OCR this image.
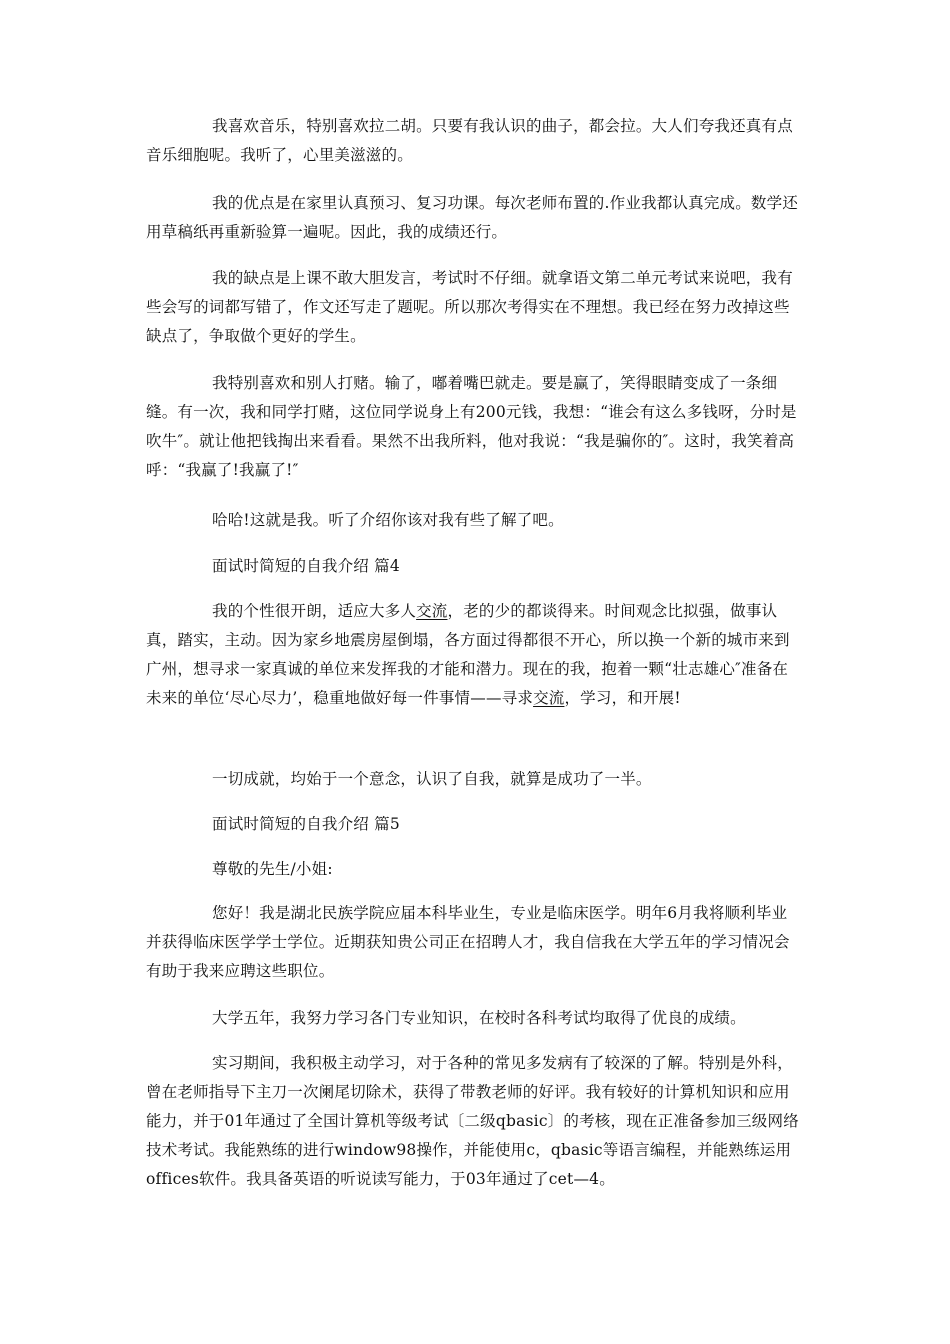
我喜欢音乐，特别喜欢拉二胡。只要有我认识的曲子，都会拉。大人们夸我还真有点音乐细胞呢。我听了，心里美滋滋的。

我的优点是在家里认真预习、复习功课。每次老师布置的.作业我都认真完成。数学还用草稿纸再重新验算一遍呢。因此，我的成绩还行。

我的缺点是上课不敢大胆发言，考试时不仔细。就拿语文第二单元考试来说吧，我有些会写的词都写错了，作文还写走了题呢。所以那次考得实在不理想。我已经在努力改掉这些缺点了，争取做个更好的学生。

我特别喜欢和别人打赌。输了，嘟着嘴巴就走。要是赢了，笑得眼睛变成了一条细缝。有一次，我和同学打赌，这位同学说身上有200元钱，我想：“谁会有这么多钱呀，分时是吹牛″。就让他把钱掏出来看看。果然不出我所料，他对我说：“我是骗你的″。这时，我笑着高呼：“我赢了!我赢了!″

哈哈!这就是我。听了介绍你该对我有些了解了吧。

面试时简短的自我介绍 篇4

我的个性很开朗，适应大多人交流，老的少的都谈得来。时间观念比拟强，做事认真，踏实，主动。因为家乡地震房屋倒塌，各方面过得都很不开心，所以换一个新的城市来到广州，想寻求一家真诚的单位来发挥我的才能和潜力。现在的我，抱着一颗“壮志雄心″准备在未来的单位‘尽心尽力’，稳重地做好每一件事情——寻求交流，学习，和开展!

一切成就，均始于一个意念，认识了自我，就算是成功了一半。

面试时简短的自我介绍 篇5

尊敬的先生/小姐:

您好！我是湖北民族学院应届本科毕业生，专业是临床医学。明年6月我将顺利毕业并获得临床医学学士学位。近期获知贵公司正在招聘人才，我自信我在大学五年的学习情况会有助于我来应聘这些职位。

大学五年，我努力学习各门专业知识，在校时各科考试均取得了优良的成绩。

实习期间，我积极主动学习，对于各种的常见多发病有了较深的了解。特别是外科，曾在老师指导下主刀一次阑尾切除术，获得了带教老师的好评。我有较好的计算机知识和应用能力，并于01年通过了全国计算机等级考试〔二级qbasic〕的考核，现在正准备参加三级网络技术考试。我能熟练的进行window98操作，并能使用c，qbasic等语言编程，并能熟练运用offices软件。我具备英语的听说读写能力，于03年通过了cet—4。
